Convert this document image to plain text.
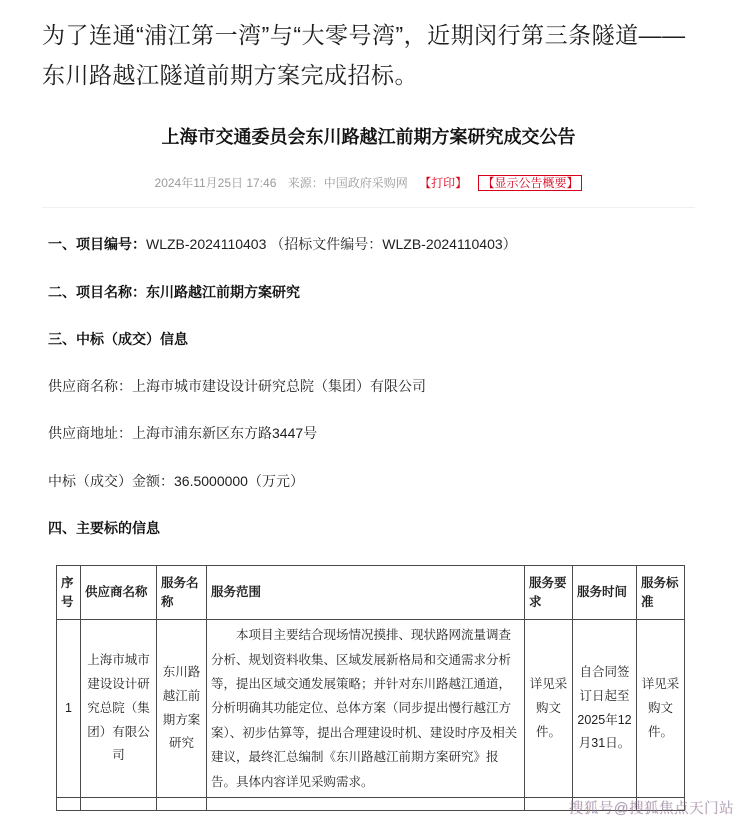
为了连通“浦江第一湾”与“大零号湾”，近期闵行第三条隧道——东川路越江隧道前期方案完成招标。

上海市交通委员会东川路越江前期方案研究成交公告
2024年11月25日 17:46 来源：中国政府采购网 【打印】 【显示公告概要】

一、项目编号：WLZB-2024110403 （招标文件编号：WLZB-2024110403）

二、项目名称：东川路越江前期方案研究

三、中标（成交）信息

供应商名称：上海市城市建设设计研究总院（集团）有限公司

供应商地址：上海市浦东新区东方路3447号

中标（成交）金额：36.5000000（万元）

四、主要标的信息

序号	供应商名称	服务名称	服务范围	服务要求	服务时间	服务标准
1	上海市城市建设设计研究总院（集团）有限公司	东川路越江前期方案研究	本项目主要结合现场情况摸排、现状路网流量调查分析、规划资料收集、区域发展新格局和交通需求分析等，提出区域交通发展策略；并针对东川路越江通道，分析明确其功能定位、总体方案（同步提出慢行越江方案）、初步估算等，提出合理建设时机、建设时序及相关建议，最终汇总编制《东川路越江前期方案研究》报告。具体内容详见采购需求。	详见采购文件。	自合同签订日起至2025年12月31日。	详见采购文件。

搜狐号@搜狐焦点天门站
